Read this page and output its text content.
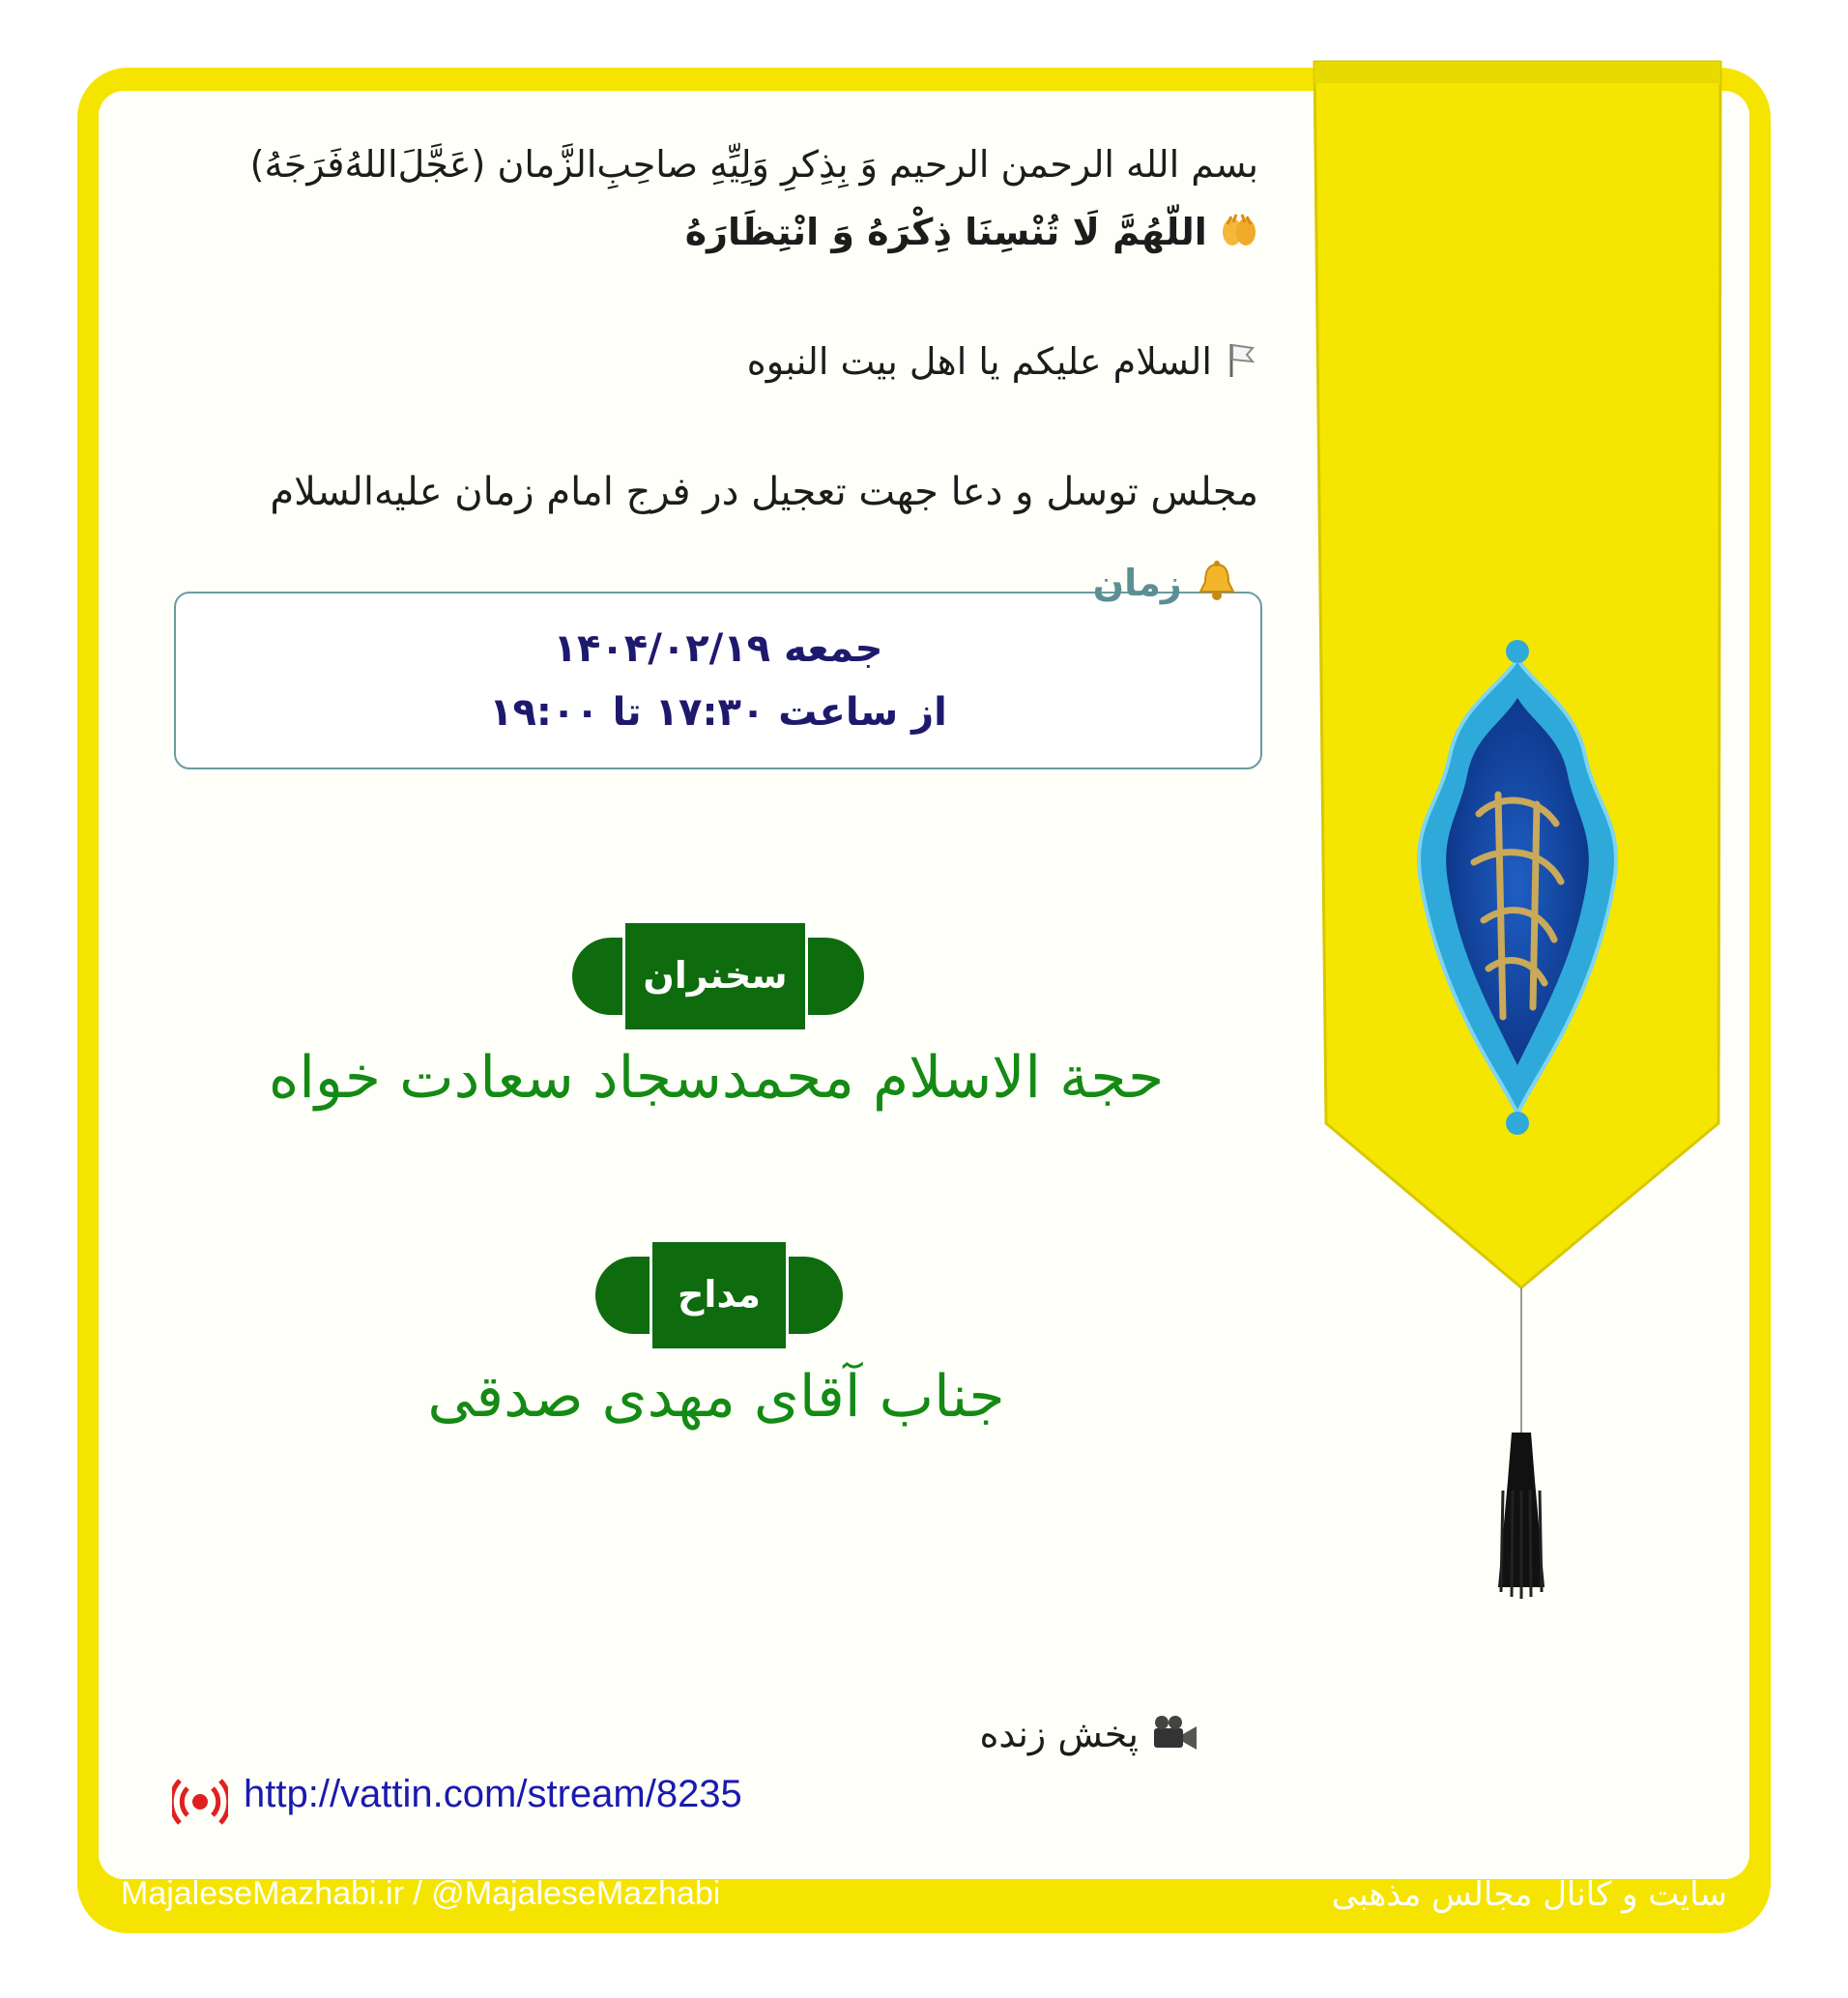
بسم الله الرحمن الرحیم وَ بِذِکرِ وَلِیِّهِ صاحِبِ‌الزَّمان (عَجَّلَ‌اللهُ‌فَرَجَهُ)
اللّهُمَّ لَا تُنْسِنَا ذِکْرَهُ وَ انْتِظَارَهُ
السلام علیکم یا اهل بیت النبوه
مجلس توسل و دعا جهت تعجیل در فرج امام زمان علیه‌السلام
جمعه ۱۴۰۴/۰۲/۱۹
از ساعت ۱۷:۳۰ تا ۱۹:۰۰
زمان
سخنران
حجة الاسلام محمدسجاد سعادت خواه
مداح
جناب آقای مهدی صدقی
پخش زنده
http://vattin.com/stream/8235
MajaleseMazhabi.ir / @MajaleseMazhabi	سایت و کانال مجالس مذهبی
